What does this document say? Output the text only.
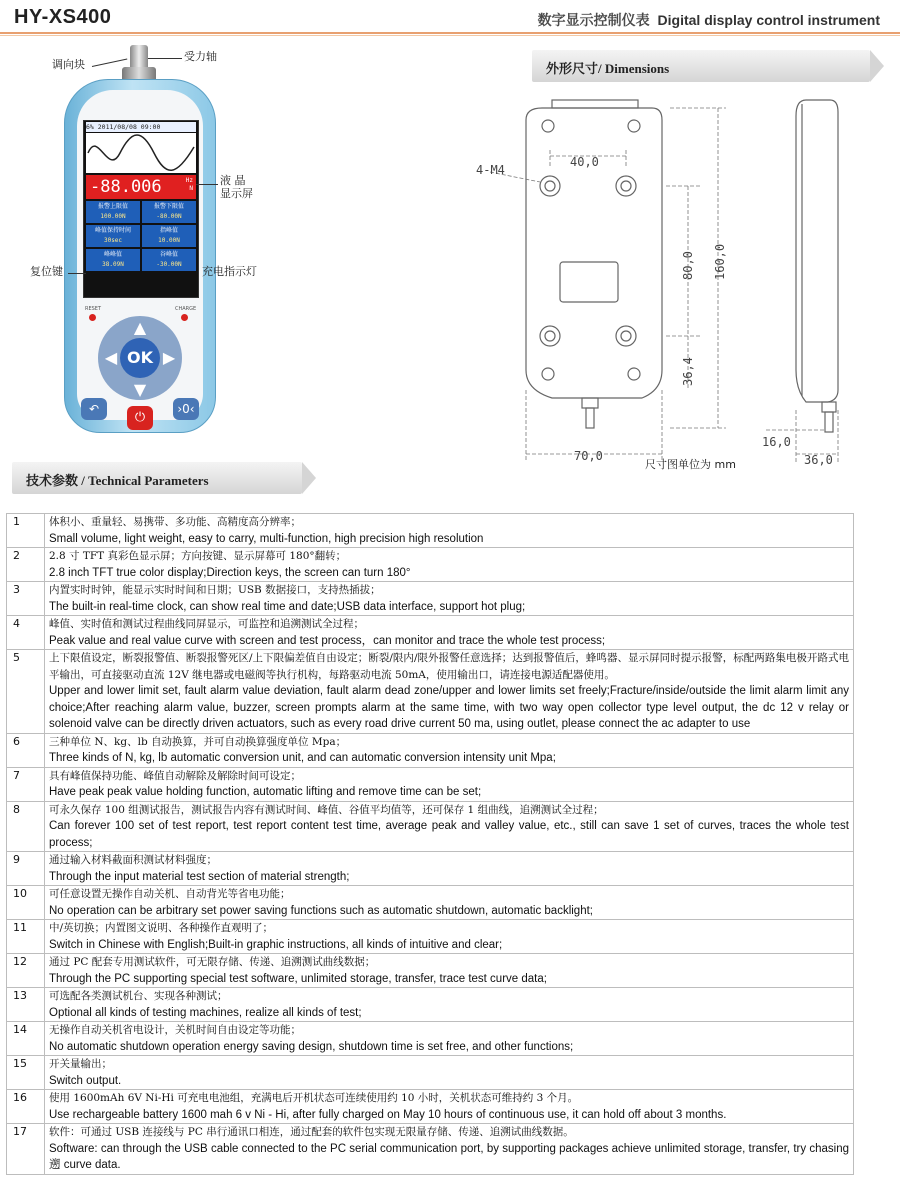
HY-XS400	数字显示控制仪表 Digital display control instrument
6% 2011/08/08 09:00
-88.006	Hz
N
报警上限值
100.00N
报警下限值
-80.00N
峰值保持时间
30sec
指峰值
10.00N
峰峰值
38.09N
谷峰值
-30.00N
RESET	CHARGE
▲
▼
◀	▶
OK
↶	›0‹
⏻
调向块
受力轴
液 晶
显示屏
复位键	充电指示灯
外形尺寸/ Dimensions
4-M4
40,0
80,0 160,0
36,4
70,0	36,0
16,0
尺寸图单位为 mm
技术参数 / Technical Parameters
1	体积小、重量轻、易携带、多功能、高精度高分辨率；
Small volume, light weight, easy to carry, multi-function, high precision high resolution

2	2.8 寸 TFT 真彩色显示屏；方向按键、显示屏幕可 180°翻转；
2.8 inch TFT true color display;Direction keys, the screen can turn 180°

3	内置实时时钟，能显示实时时间和日期；USB 数据接口，支持热插拔；
The built-in real-time clock, can show real time and date;USB data interface, support hot plug;

4	峰值、实时值和测试过程曲线同屏显示，可监控和追溯测试全过程；
Peak value and real value curve with screen and test process，can monitor and trace the whole test process;

5	上下限值设定，断裂报警值、断裂报警死区/上下限偏差值自由设定；断裂/限内/限外报警任意选择；达到报警值后，蜂鸣器、显示屏同时提示报警，标配两路集电极开路式电平输出，可直接驱动直流 12V 继电器或电磁阀等执行机构，每路驱动电流 50mA，使用输出口，请连接电源适配器使用。
Upper and lower limit set, fault alarm value deviation, fault alarm dead zone/upper and lower limits set freely;Fracture/inside/outside the limit alarm limit any choice;After reaching alarm value, buzzer, screen prompts alarm at the same time, with two way open collector type level output, the dc 12 v relay or solenoid valve can be directly driven actuators, such as every road drive current 50 ma, using outlet, please connect the ac adapter to use

6	三种单位 N、kg、lb 自动换算，并可自动换算强度单位 Mpa；
Three kinds of N, kg, lb automatic conversion unit, and can automatic conversion intensity unit Mpa;

7	具有峰值保持功能、峰值自动解除及解除时间可设定；
Have peak peak value holding function, automatic lifting and remove time can be set;

8	可永久保存 100 组测试报告，测试报告内容有测试时间、峰值、谷值平均值等，还可保存 1 组曲线，追溯测试全过程；
Can forever 100 set of test report, test report content test time, average peak and valley value, etc., still can save 1 set of curves, traces the whole test process;

9	通过输入材料截面积测试材料强度；
Through the input material test section of material strength;

10	可任意设置无操作自动关机、自动背光等省电功能；
No operation can be arbitrary set power saving functions such as automatic shutdown, automatic backlight;

11	中/英切换；内置图文说明、各种操作直观明了；
Switch in Chinese with English;Built-in graphic instructions, all kinds of intuitive and clear;

12	通过 PC 配套专用测试软件，可无限存储、传递、追溯测试曲线数据；
Through the PC supporting special test software, unlimited storage, transfer, trace test curve data;

13	可选配各类测试机台、实现各种测试；
Optional all kinds of testing machines, realize all kinds of test;

14	无操作自动关机省电设计，关机时间自由设定等功能；
No automatic shutdown operation energy saving design, shutdown time is set free, and other functions;

15	开关量输出；
Switch output.

16	使用 1600mAh 6V Ni-Hi 可充电电池组，充满电后开机状态可连续使用约 10 小时，关机状态可维持约 3 个月。
Use rechargeable battery 1600 mah 6 v Ni - Hi, after fully charged on May 10 hours of continuous use, it can hold off about 3 months.

17	软件：可通过 USB 连接线与 PC 串行通讯口相连，通过配套的软件包实现无限量存储、传递、追溯试曲线数据。
Software: can through the USB cable connected to the PC serial communication port, by supporting packages achieve unlimited storage, transfer, try chasing 遡 curve data.
